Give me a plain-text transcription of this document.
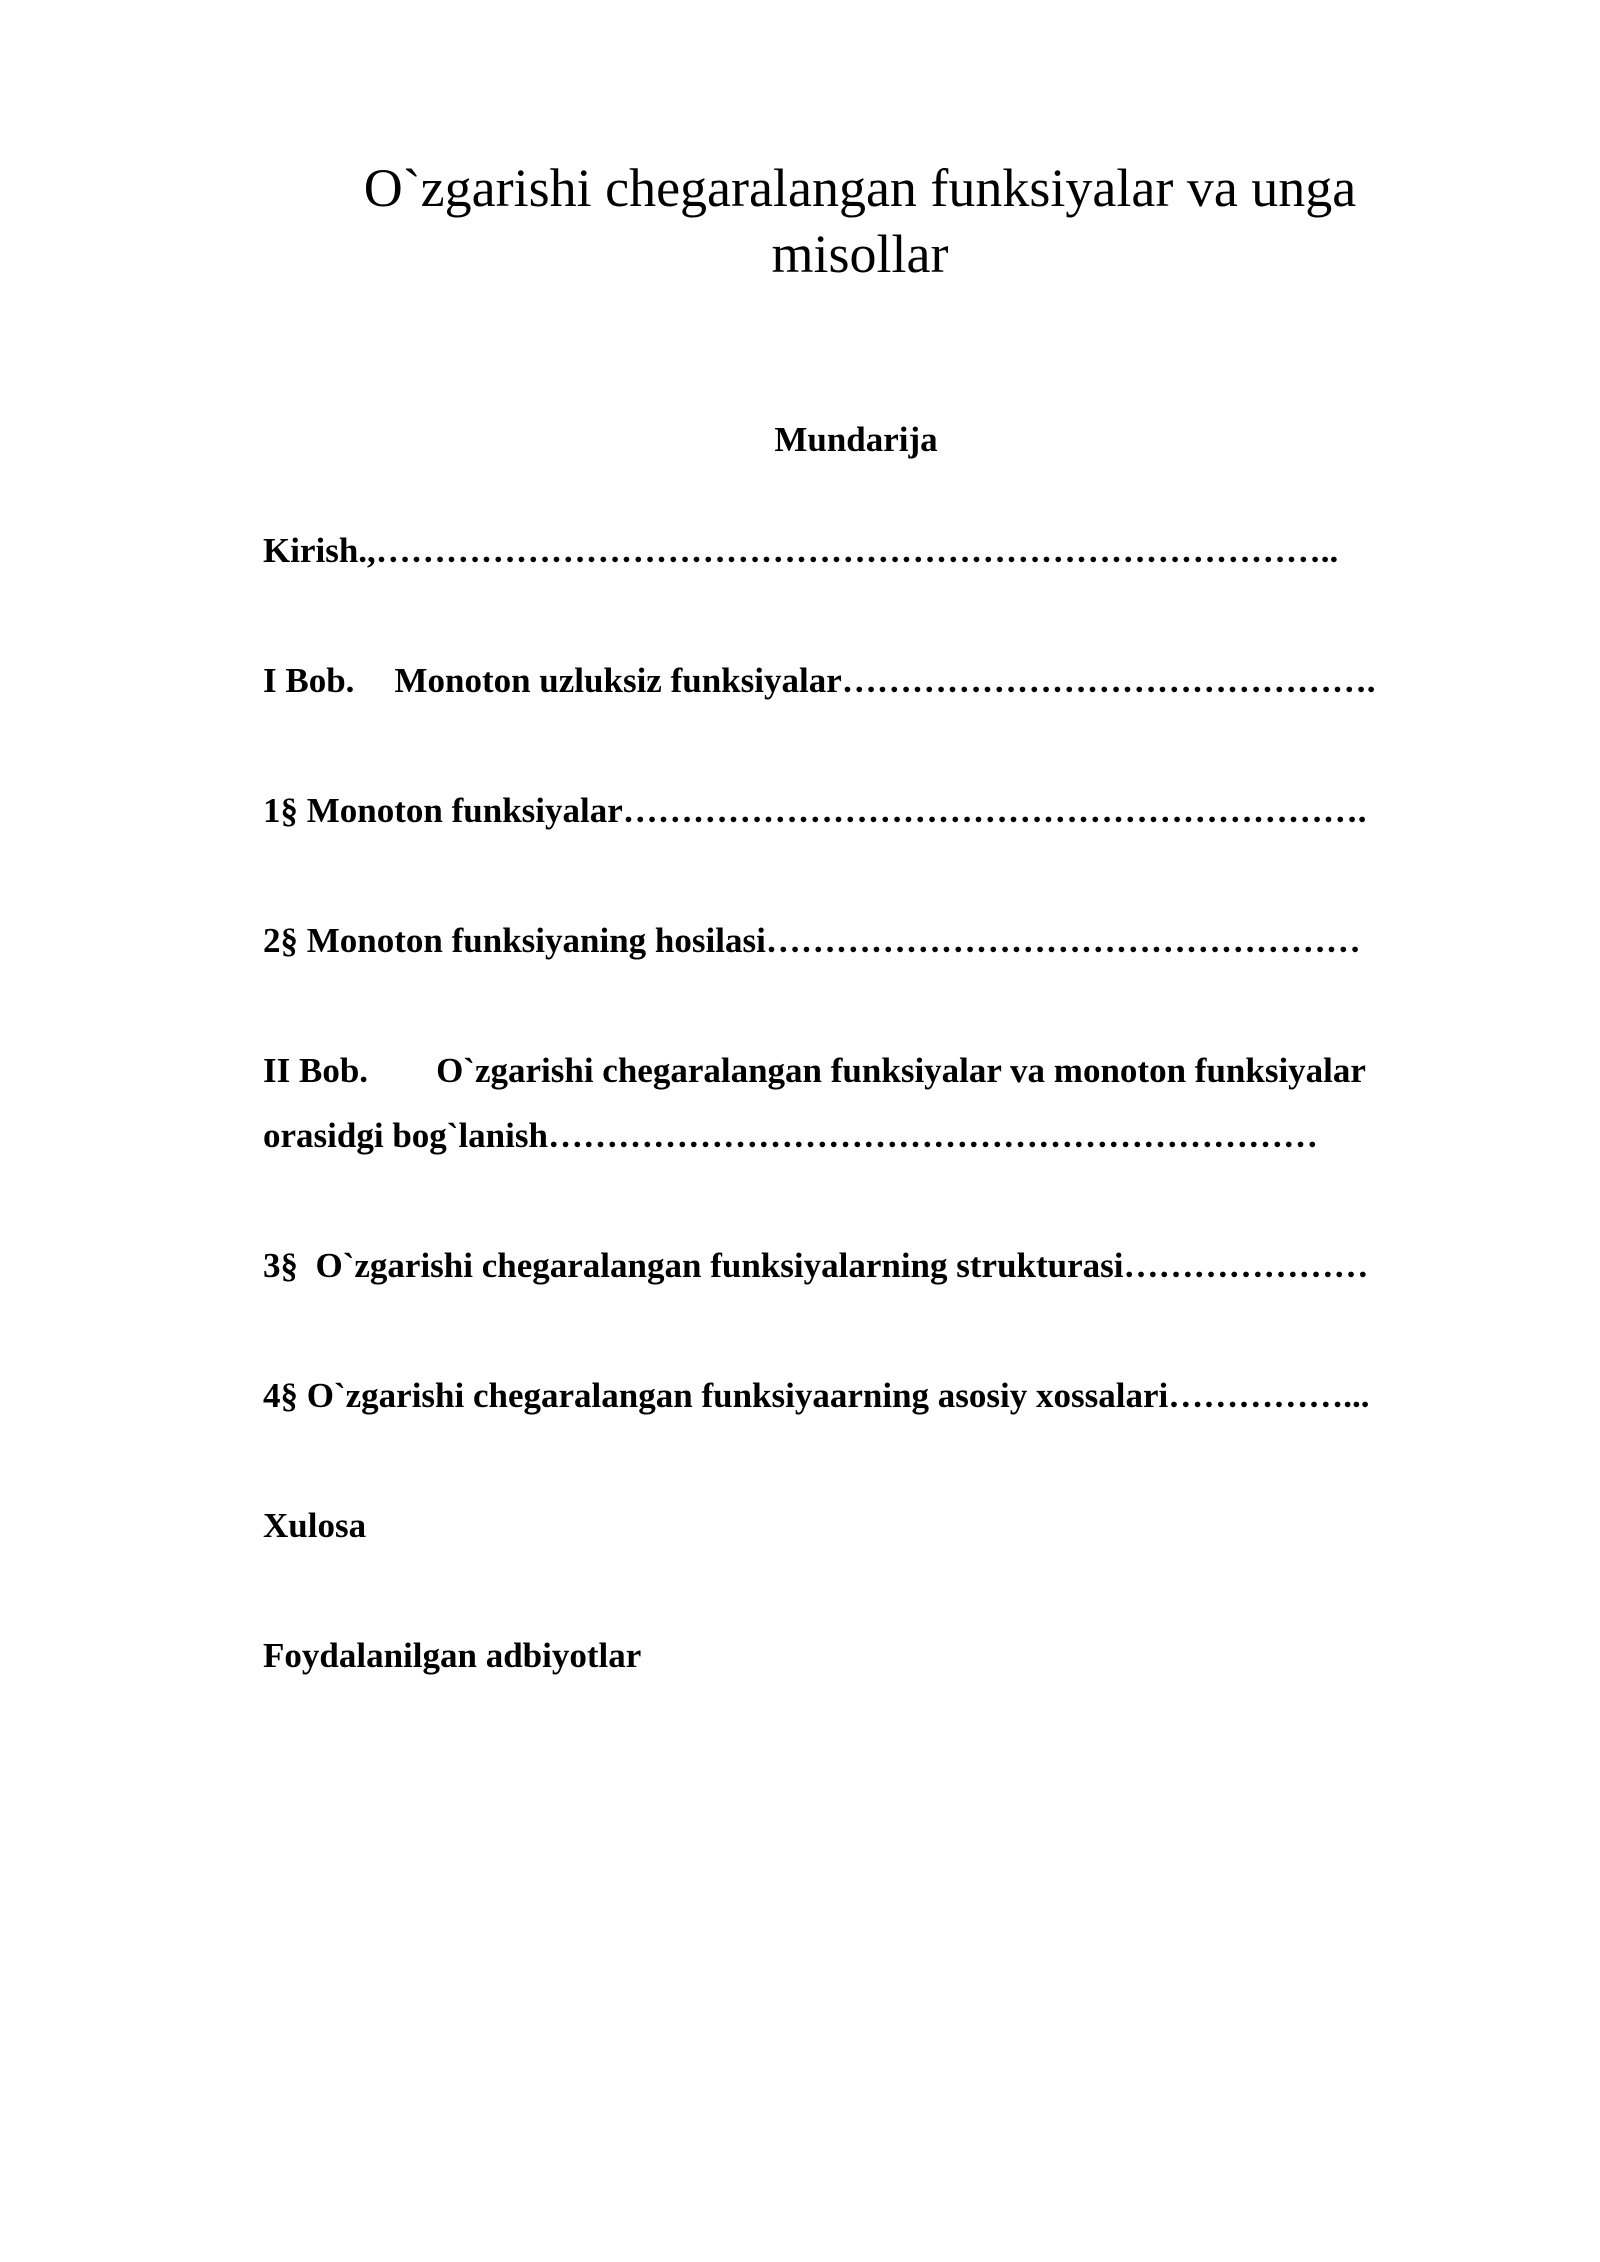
O`zgarishi chegaralangan funksiyalar va unga
misollar
Mundarija

Kirish.,………………………………………………………………………..

I Bob. Monoton uzluksiz funksiyalar……………………………………….

1§ Monoton funksiyalar……………………………………………………….

2§ Monoton funksiyaning hosilasi……………………………………………

II Bob. O`zgarishi chegaralangan funksiyalar va monoton funksiyalar

orasidgi bog`lanish…………………………………………………………

3§  O`zgarishi chegaralangan funksiyalarning strukturasi…………………

4§ O`zgarishi chegaralangan funksiyaarning asosiy xossalari……………...

Xulosa

Foydalanilgan adbiyotlar
